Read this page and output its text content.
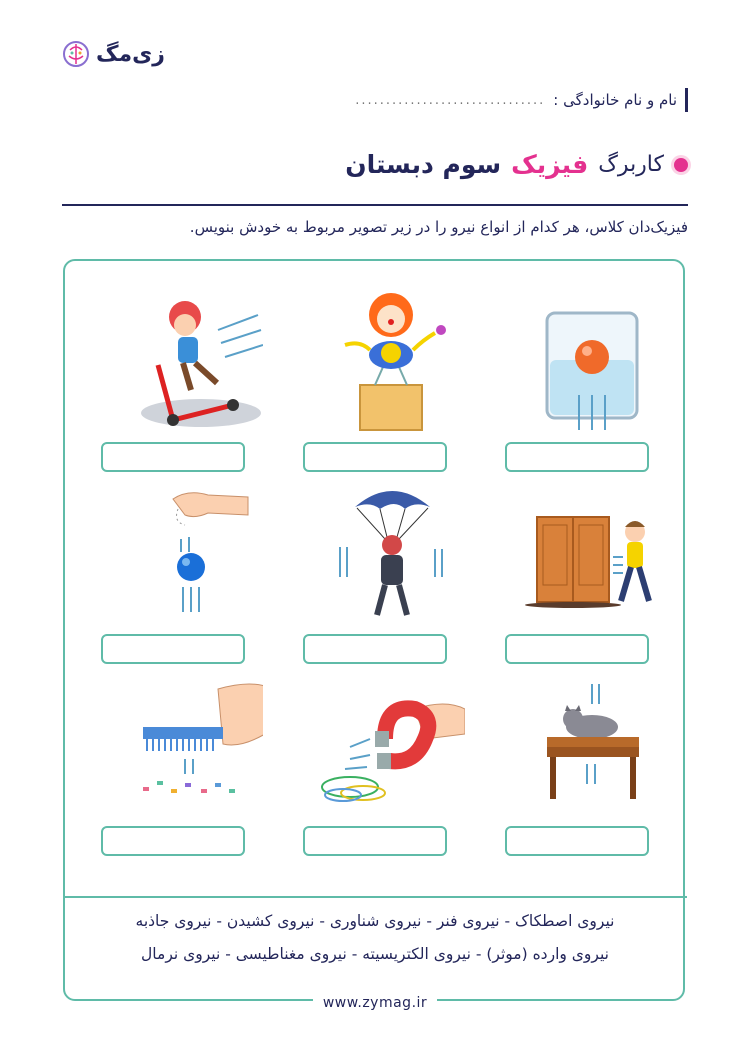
زی‌مگ
نام و نام خانوادگی :
...............................
کاربرگ
فیزیک
سوم دبستان
فیزیک‌دان کلاس، هر کدام از انواع نیرو را در زیر تصویر مربوط به خودش بنویس.
نیروی اصطکاک - نیروی فنر - نیروی شناوری - نیروی کشیدن - نیروی جاذبه
نیروی وارده (موثر) - نیروی الکتریسیته - نیروی مغناطیسی - نیروی نرمال
www.zymag.ir
